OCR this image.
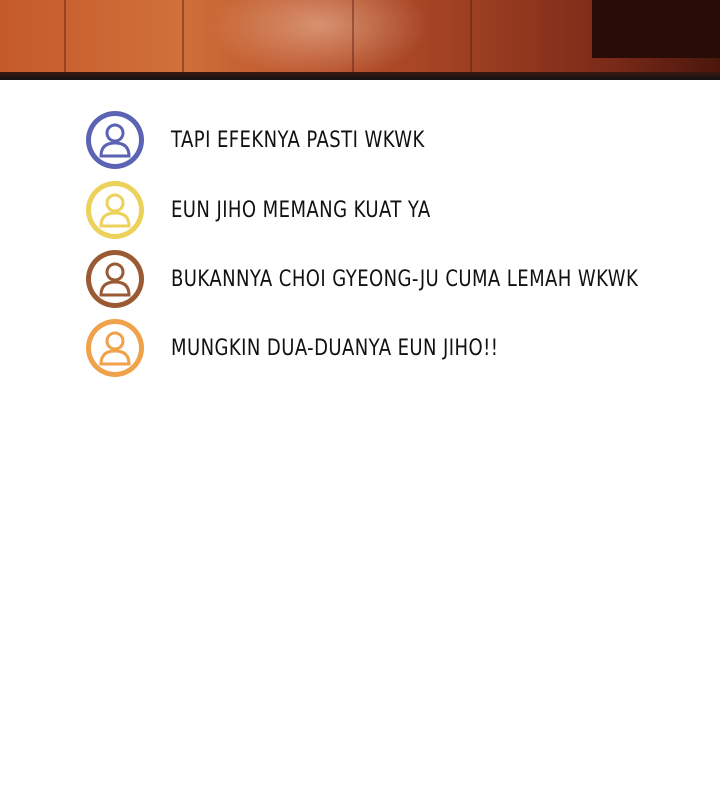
TAPI EFEKNYA PASTI WKWK
EUN JIHO MEMANG KUAT YA
BUKANNYA CHOI GYEONG-JU CUMA LEMAH WKWK
MUNGKIN DUA-DUANYA EUN JIHO!!
